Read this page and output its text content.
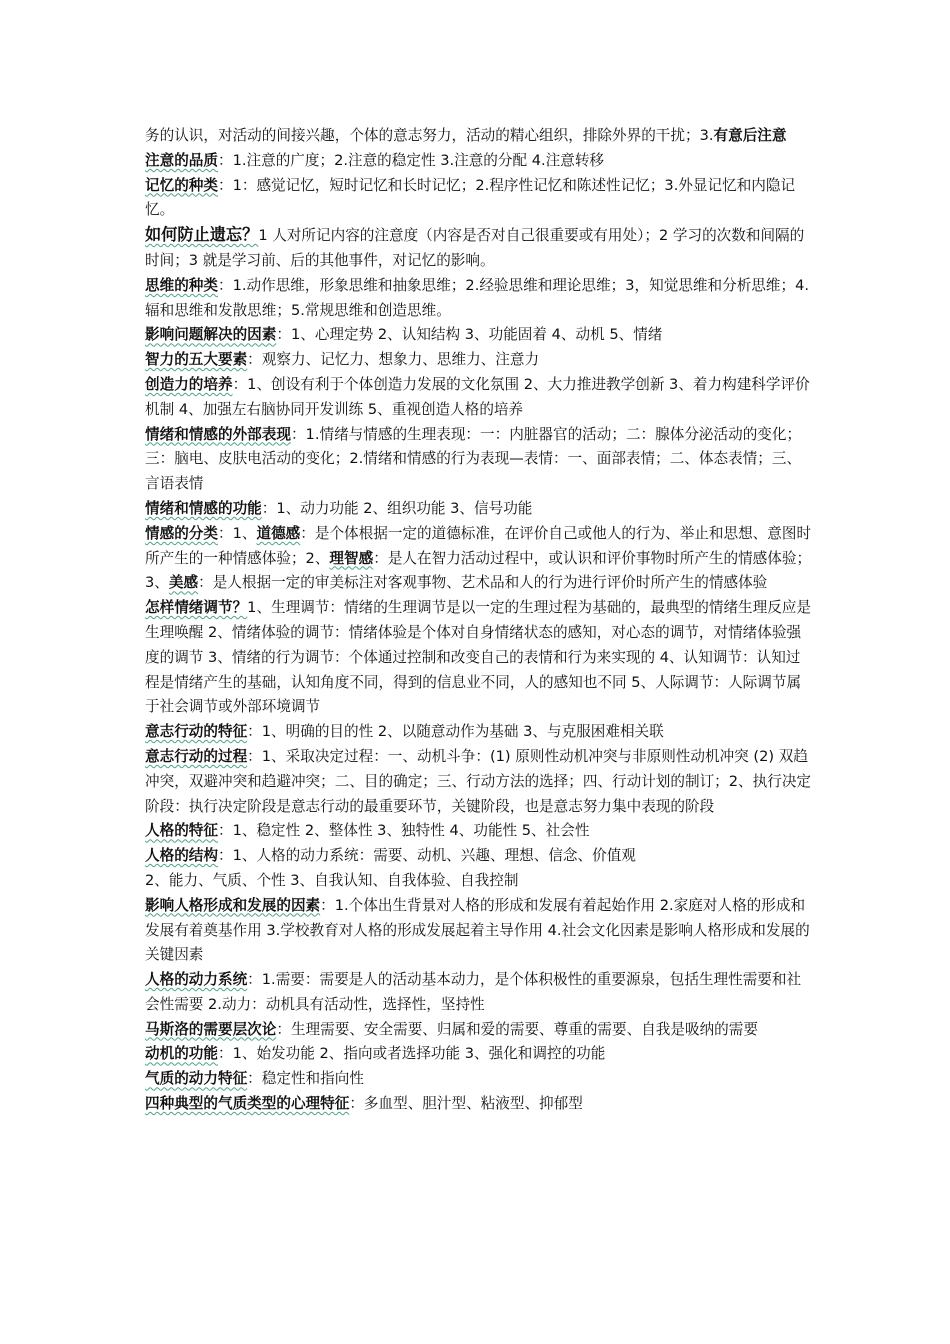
务的认识，对活动的间接兴趣，个体的意志努力，活动的精心组织，排除外界的干扰；3.有意后注意

注意的品质：1.注意的广度；2.注意的稳定性 3.注意的分配 4.注意转移

记忆的种类：1：感觉记忆，短时记忆和长时记忆；2.程序性记忆和陈述性记忆；3.外显记忆和内隐记忆。

如何防止遗忘？1 人对所记内容的注意度（内容是否对自己很重要或有用处）；2 学习的次数和间隔的时间；3 就是学习前、后的其他事件，对记忆的影响。

思维的种类：1.动作思维，形象思维和抽象思维；2.经验思维和理论思维；3，知觉思维和分析思维；4.辐和思维和发散思维；5.常规思维和创造思维。

影响问题解决的因素：1、心理定势 2、认知结构 3、功能固着 4、动机 5、情绪

智力的五大要素：观察力、记忆力、想象力、思维力、注意力

创造力的培养：1、创设有利于个体创造力发展的文化氛围 2、大力推进教学创新 3、着力构建科学评价机制 4、加强左右脑协同开发训练 5、重视创造人格的培养

情绪和情感的外部表现：1.情绪与情感的生理表现：一：内脏器官的活动；二：腺体分泌活动的变化；三：脑电、皮肤电活动的变化；2.情绪和情感的行为表现—表情：一、面部表情；二、体态表情；三、言语表情

情绪和情感的功能：1、动力功能 2、组织功能 3、信号功能

情感的分类：1、道德感：是个体根据一定的道德标准，在评价自己或他人的行为、举止和思想、意图时所产生的一种情感体验；2、理智感：是人在智力活动过程中，或认识和评价事物时所产生的情感体验；3、美感：是人根据一定的审美标注对客观事物、艺术品和人的行为进行评价时所产生的情感体验

怎样情绪调节？1、生理调节：情绪的生理调节是以一定的生理过程为基础的，最典型的情绪生理反应是生理唤醒 2、情绪体验的调节：情绪体验是个体对自身情绪状态的感知，对心态的调节，对情绪体验强度的调节 3、情绪的行为调节：个体通过控制和改变自己的表情和行为来实现的 4、认知调节：认知过程是情绪产生的基础，认知角度不同，得到的信息业不同，人的感知也不同 5、人际调节：人际调节属于社会调节或外部环境调节

意志行动的特征：1、明确的目的性 2、以随意动作为基础 3、与克服困难相关联

意志行动的过程：1、采取决定过程：一、动机斗争：(1) 原则性动机冲突与非原则性动机冲突 (2) 双趋冲突，双避冲突和趋避冲突；二、目的确定；三、行动方法的选择；四、行动计划的制订；2、执行决定阶段：执行决定阶段是意志行动的最重要环节，关键阶段，也是意志努力集中表现的阶段

人格的特征：1、稳定性 2、整体性 3、独特性 4、功能性 5、社会性

人格的结构：1、人格的动力系统：需要、动机、兴趣、理想、信念、价值观

2、能力、气质、个性 3、自我认知、自我体验、自我控制

影响人格形成和发展的因素：1.个体出生背景对人格的形成和发展有着起始作用 2.家庭对人格的形成和发展有着奠基作用 3.学校教育对人格的形成发展起着主导作用 4.社会文化因素是影响人格形成和发展的关键因素

人格的动力系统：1.需要：需要是人的活动基本动力，是个体积极性的重要源泉，包括生理性需要和社会性需要 2.动力：动机具有活动性，选择性，坚持性

马斯洛的需要层次论：生理需要、安全需要、归属和爱的需要、尊重的需要、自我是吸纳的需要

动机的功能：1、始发功能 2、指向或者选择功能 3、强化和调控的功能

气质的动力特征：稳定性和指向性

四种典型的气质类型的心理特征：多血型、胆汁型、粘液型、抑郁型
